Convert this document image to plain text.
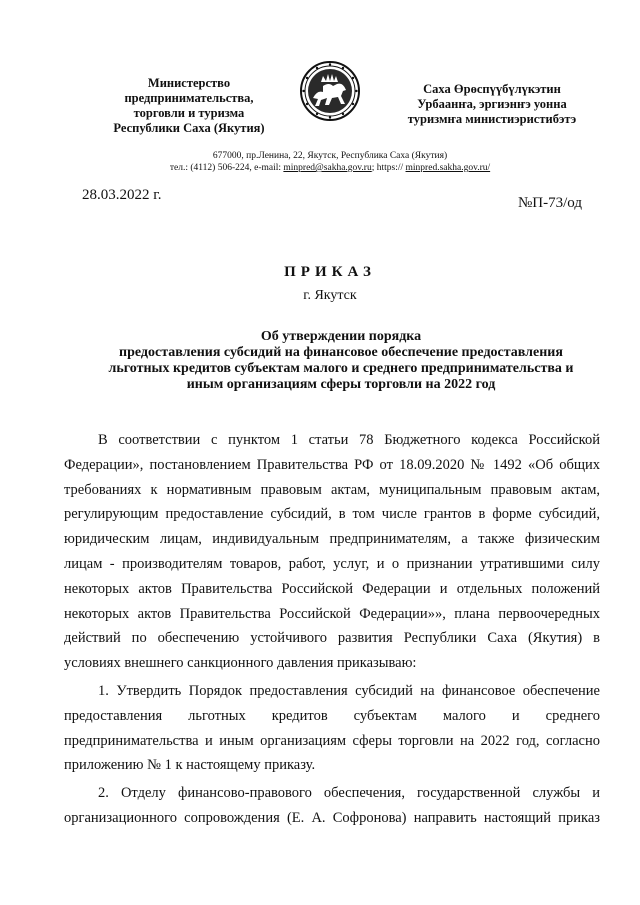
Министерство
предпринимательства,
торговли и туризма
Республики Саха (Якутия)
Саха Өрөспүүбүлүкэтин
Урбаанҥа, эргиэнҥэ уонна
туризмҥа министиэристибэтэ
677000, пр.Ленина, 22, Якутск, Республика Саха (Якутия)
тел.: (4112) 506-224, e-mail: minpred@sakha.gov.ru; https:// minpred.sakha.gov.ru/
28.03.2022 г.	№П-73/од
ПРИКАЗ
г. Якутск
Об утверждении порядка
предоставления субсидий на финансовое обеспечение предоставления
льготных кредитов субъектам малого и среднего предпринимательства и
иным организациям сферы торговли на 2022 год

В соответствии с пунктом 1 статьи 78 Бюджетного кодекса Российской
Федерации», постановлением Правительства РФ от 18.09.2020 № 1492 «Об общих
требованиях к нормативным правовым актам, муниципальным правовым актам,
регулирующим предоставление субсидий, в том числе грантов в форме субсидий,
юридическим лицам, индивидуальным предпринимателям, а также физическим
лицам - производителям товаров, работ, услуг, и о признании утратившими силу
некоторых актов Правительства Российской Федерации и отдельных положений
некоторых актов Правительства Российской Федерации»», плана первоочередных
действий по обеспечению устойчивого развития Республики Саха (Якутия) в
условиях внешнего санкционного давления приказываю:

1. Утвердить Порядок предоставления субсидий на финансовое обеспечение
предоставления льготных кредитов субъектам малого и среднего
предпринимательства и иным организациям сферы торговли на 2022 год, согласно
приложению № 1 к настоящему приказу.

2. Отделу финансово-правового обеспечения, государственной службы и
организационного сопровождения (Е. А. Софронова) направить настоящий приказ
